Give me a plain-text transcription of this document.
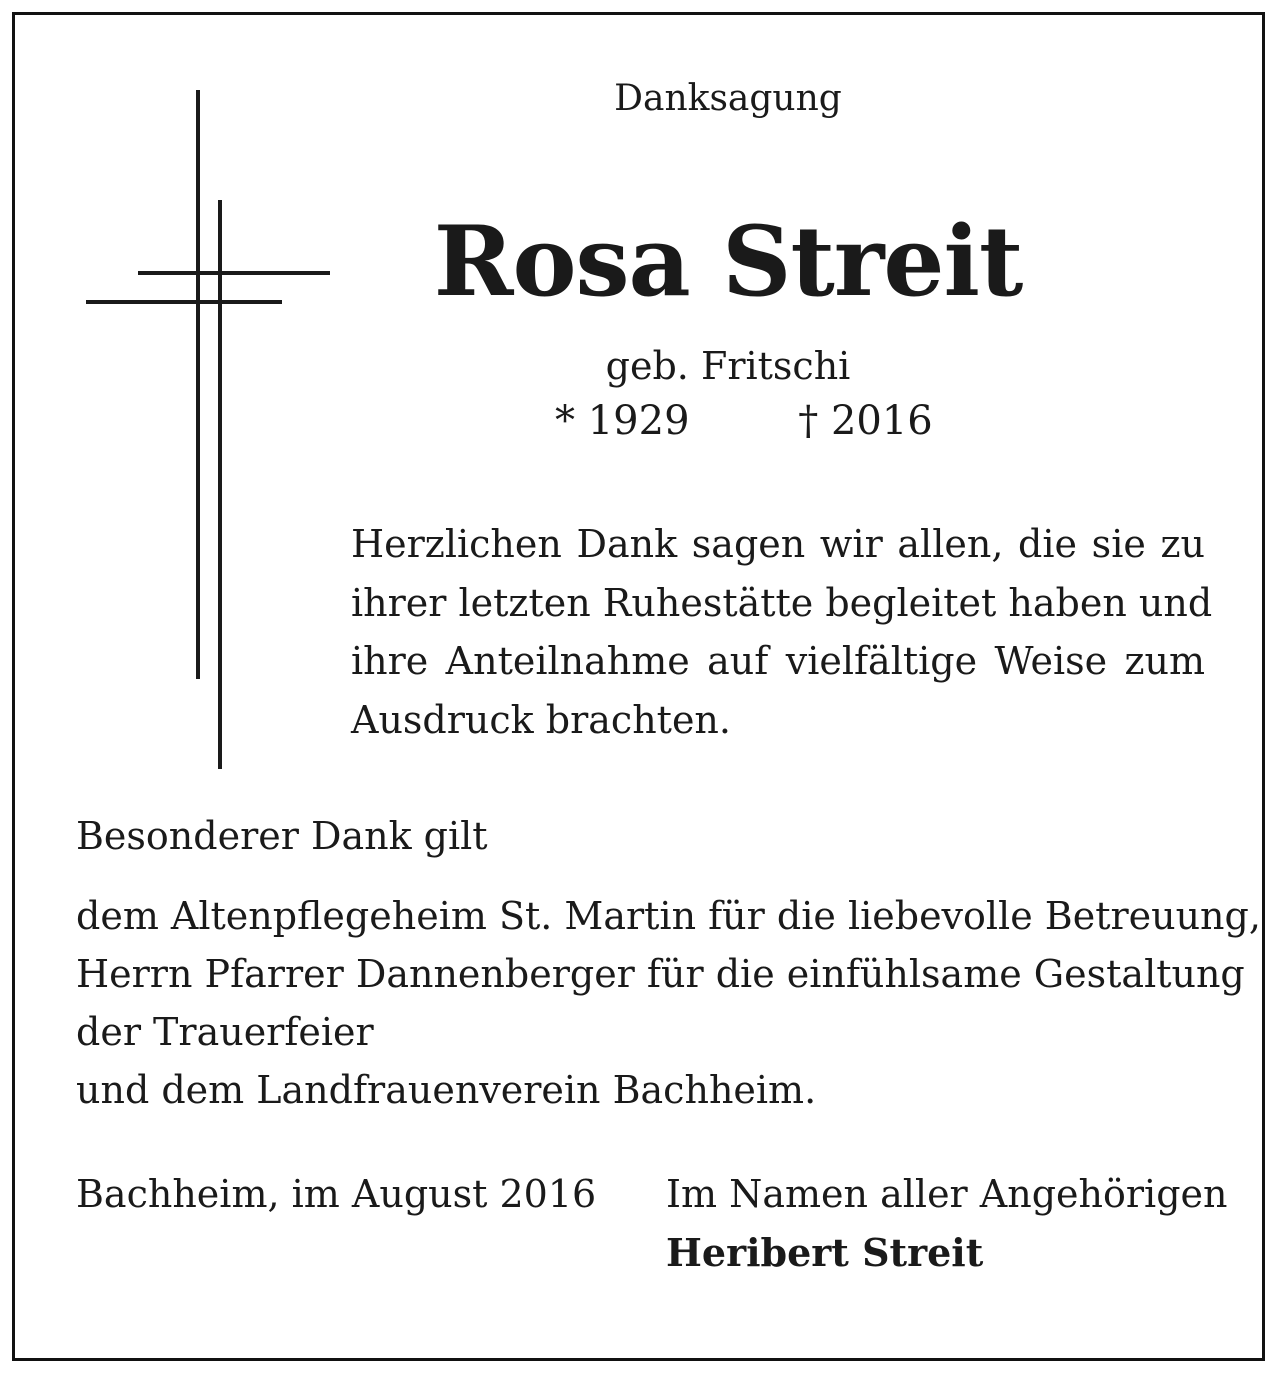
Danksagung
Rosa Streit
geb. Fritschi
* 1929	† 2016
Herzlichen Dank sagen wir allen, die sie zu
ihrer letzten Ruhestätte begleitet haben und
ihre Anteilnahme auf vielfältige Weise zum
Ausdruck brachten.
Besonderer Dank gilt
dem Altenpflegeheim St. Martin für die liebevolle Betreuung,
Herrn Pfarrer Dannenberger für die einfühlsame Gestaltung
der Trauerfeier
und dem Landfrauenverein Bachheim.
Bachheim, im August 2016 Im Namen aller Angehörigen
Heribert Streit
